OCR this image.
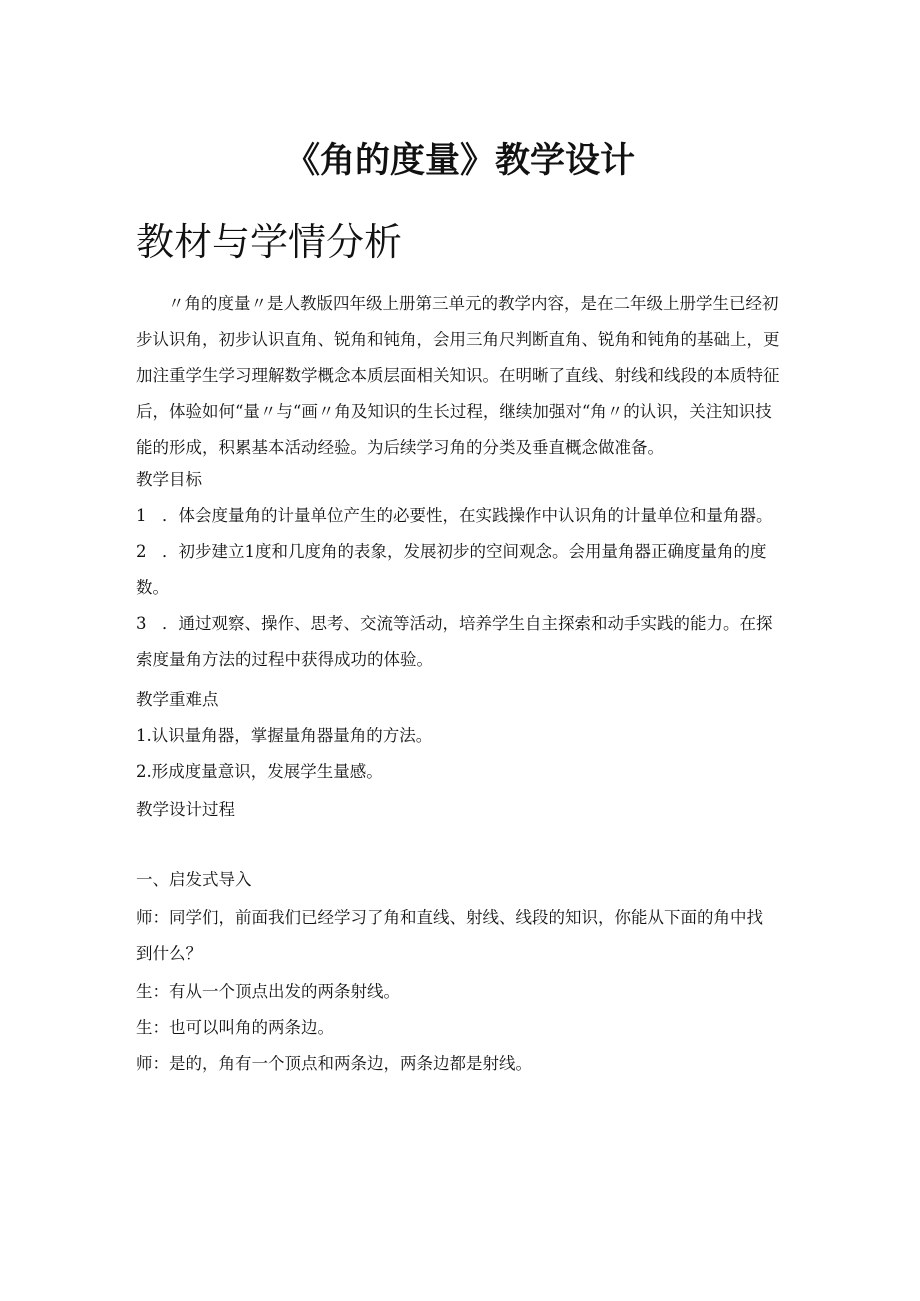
《角的度量》教学设计
教材与学情分析
〃角的度量〃是人教版四年级上册第三单元的教学内容，是在二年级上册学生已经初步认识角，初步认识直角、锐角和钝角，会用三角尺判断直角、锐角和钝角的基础上，更加注重学生学习理解数学概念本质层面相关知识。在明晰了直线、射线和线段的本质特征后，体验如何“量〃与“画〃角及知识的生长过程，继续加强对“角〃的认识，关注知识技能的形成，积累基本活动经验。为后续学习角的分类及垂直概念做准备。
教学目标
1 ．体会度量角的计量单位产生的必要性，在实践操作中认识角的计量单位和量角器。
2 ．初步建立1度和几度角的表象，发展初步的空间观念。会用量角器正确度量角的度数。
3 ．通过观察、操作、思考、交流等活动，培养学生自主探索和动手实践的能力。在探索度量角方法的过程中获得成功的体验。
教学重难点
1.认识量角器，掌握量角器量角的方法。
2.形成度量意识，发展学生量感。
教学设计过程
一、启发式导入
师：同学们，前面我们已经学习了角和直线、射线、线段的知识，你能从下面的角中找到什么？
生：有从一个顶点出发的两条射线。
生：也可以叫角的两条边。
师：是的，角有一个顶点和两条边，两条边都是射线。
